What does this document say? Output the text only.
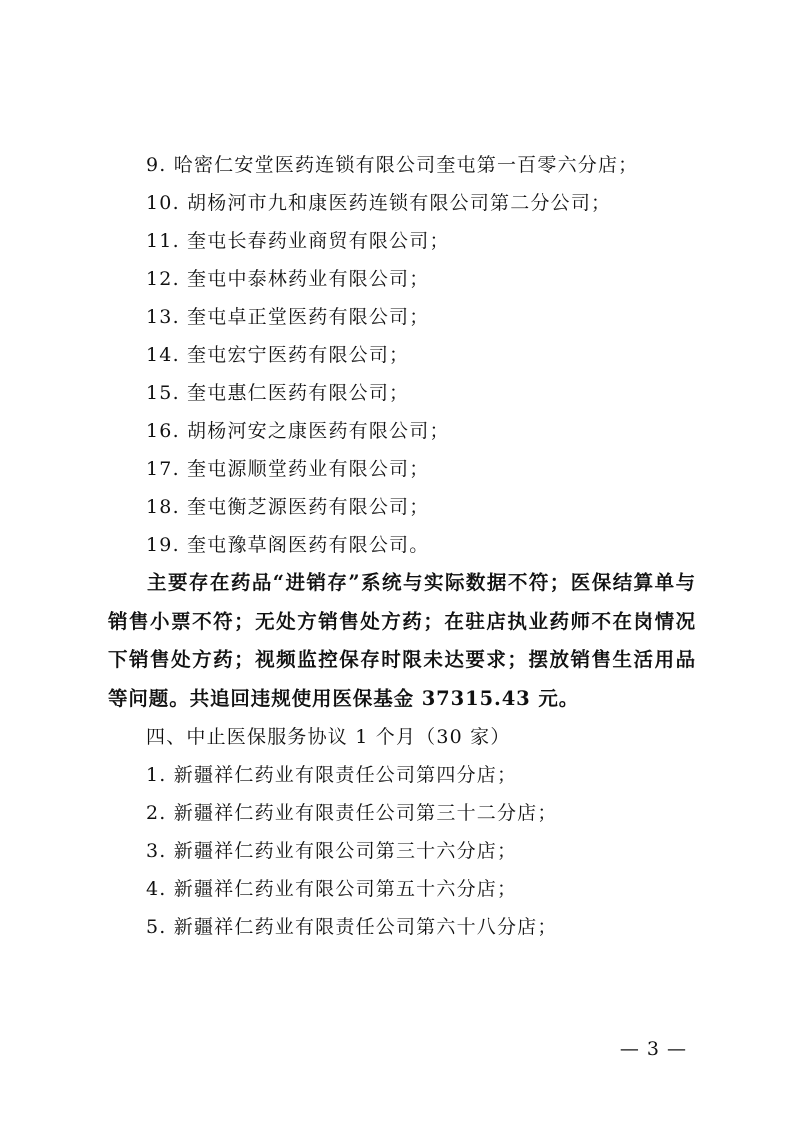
9. 哈密仁安堂医药连锁有限公司奎屯第一百零六分店；
10. 胡杨河市九和康医药连锁有限公司第二分公司；
11. 奎屯长春药业商贸有限公司；
12. 奎屯中泰林药业有限公司；
13. 奎屯卓正堂医药有限公司；
14. 奎屯宏宁医药有限公司；
15. 奎屯惠仁医药有限公司；
16. 胡杨河安之康医药有限公司；
17. 奎屯源顺堂药业有限公司；
18. 奎屯衡芝源医药有限公司；
19. 奎屯豫草阁医药有限公司。

主要存在药品“进销存”系统与实际数据不符；医保结算单与销售小票不符；无处方销售处方药；在驻店执业药师不在岗情况下销售处方药；视频监控保存时限未达要求；摆放销售生活用品等问题。共追回违规使用医保基金 37315.43 元。

四、中止医保服务协议 1 个月（30 家）
1. 新疆祥仁药业有限责任公司第四分店；
2. 新疆祥仁药业有限责任公司第三十二分店；
3. 新疆祥仁药业有限公司第三十六分店；
4. 新疆祥仁药业有限公司第五十六分店；
5. 新疆祥仁药业有限责任公司第六十八分店；
— 3 —
